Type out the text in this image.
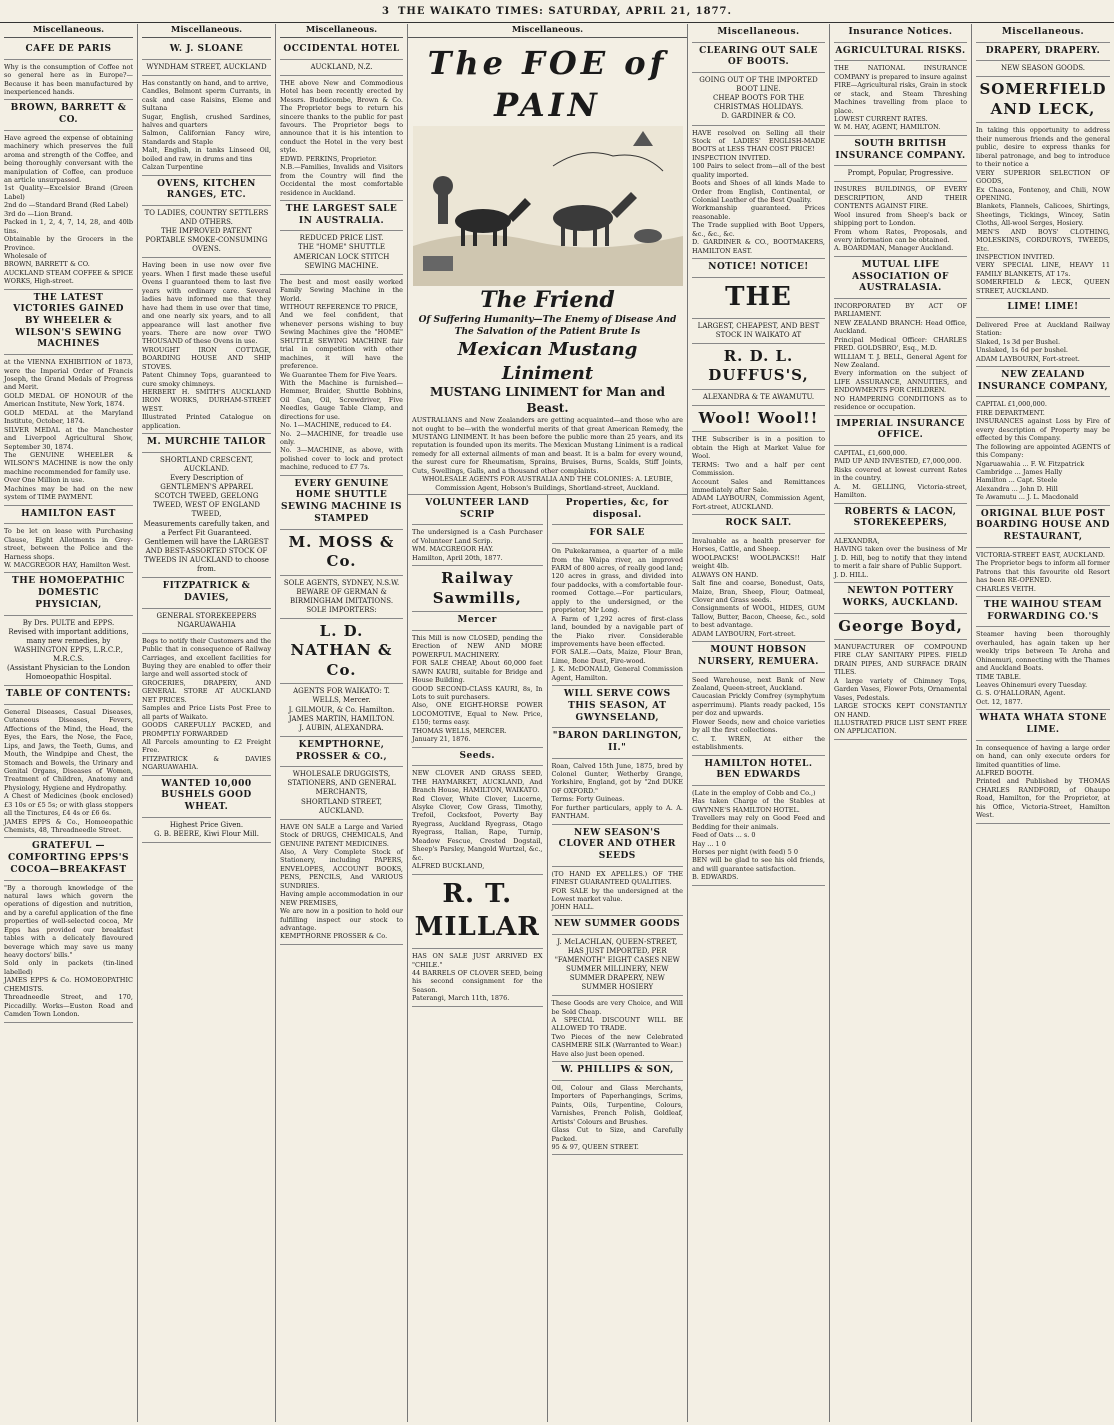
3 THE WAIKATO TIMES: SATURDAY, APRIL 21, 1877.
Miscellaneous.
CAFE DE PARIS
Why is the consumption of Coffee not so general here as in Europe?—Because it has been manufactured by inexperienced hands.
BROWN, BARRETT & CO.
Have agreed the expense of obtaining machinery which preserves the full aroma and strength of the Coffee, and being thoroughly conversant with the manipulation of Coffee, can produce an article unsurpassed.
1st Quality—Excelsior Brand (Green Label)
2nd do —Standard Brand (Red Label)
3rd do —Lion Brand.
Packed in 1, 2, 4, 7, 14, 28, and 40lb tins.
Obtainable by the Grocers in the Province.
Wholesale of
BROWN, BARRETT & CO.
AUCKLAND STEAM COFFEE & SPICE WORKS, High-street.
THE LATEST VICTORIES GAINED BY WHEELER & WILSON'S SEWING MACHINES
at the VIENNA EXHIBITION of 1873, were the Imperial Order of Francis Joseph, the Grand Medals of Progress and Merit.
GOLD MEDAL OF HONOUR of the American Institute, New York, 1874.
GOLD MEDAL at the Maryland Institute, October, 1874.
SILVER MEDAL at the Manchester and Liverpool Agricultural Show, September 30, 1874.
The GENUINE WHEELER & WILSON'S MACHINE is now the only machine recommended for family use.
Over One Million in use.
Machines may be had on the new system of TIME PAYMENT.
HAMILTON EAST
To be let on lease with Purchasing Clause, Eight Allotments in Grey-street, between the Police and the Harness shops.
W. MACGREGOR HAY, Hamilton West.
THE HOMOEPATHIC DOMESTIC PHYSICIAN,
By Drs. PULTE and EPPS.
Revised with important additions, many new remedies, by WASHINGTON EPPS, L.R.C.P., M.R.C.S.
(Assistant Physician to the London Homoeopathic Hospital.
TABLE OF CONTENTS:
General Diseases, Casual Diseases, Cutaneous Diseases, Fevers, Affections of the Mind, the Head, the Eyes, the Ears, the Nose, the Face, Lips, and Jaws, the Teeth, Gums, and Mouth, the Windpipe and Chest, the Stomach and Bowels, the Urinary and Genital Organs, Diseases of Women, Treatment of Children, Anatomy and Physiology, Hygiene and Hydropathy.
A Chest of Medicines (book enclosed) £3 10s or £5 5s; or with glass stoppers all the Tinctures, £4 4s or £6 6s.
JAMES EPPS & Co., Homoeopathic Chemists, 48, Threadneedle Street.
GRATEFUL — COMFORTING EPPS'S COCOA—BREAKFAST
"By a thorough knowledge of the natural laws which govern the operations of digestion and nutrition, and by a careful application of the fine properties of well-selected cocoa, Mr Epps has provided our breakfast tables with a delicately flavoured beverage which may save us many heavy doctors' bills."
Sold only in packets (tin-lined labelled)
JAMES EPPS & Co. HOMOEOPATHIC CHEMISTS.
Threadneedle Street, and 170, Piccadilly. Works—Euston Road and Camden Town London.
Miscellaneous.
W. J. SLOANE
WYNDHAM STREET, AUCKLAND
Has constantly on hand, and to arrive,
Candles, Belmont sperm Currants, in cask and case Raisins, Eleme and Sultana
Sugar, English, crushed Sardines, halves and quarters
Salmon, Californian Fancy wire, Standards and Staple
Malt, English, in tanks Linseed Oil, boiled and raw, in drums and tins
Calzan Turpentine
OVENS, KITCHEN RANGES, ETC.
TO LADIES, COUNTRY SETTLERS AND OTHERS.
THE IMPROVED PATENT PORTABLE SMOKE-CONSUMING OVENS.
Having been in use now over five years. When I first made these useful Ovens I guaranteed them to last five years with ordinary care. Several ladies have informed me that they have had them in use over that time, and one nearly six years, and to all appearance will last another five years. There are now over TWO THOUSAND of these Ovens in use.
WROUGHT IRON COTTAGE, BOARDING HOUSE AND SHIP STOVES.
Patent Chimney Tops, guaranteed to cure smoky chimneys.
HERBERT H. SMITH'S AUCKLAND IRON WORKS, DURHAM-STREET WEST.
Illustrated Printed Catalogue on application.
M. MURCHIE TAILOR
SHORTLAND CRESCENT, AUCKLAND.
Every Description of GENTLEMEN'S APPAREL
SCOTCH TWEED, GEELONG TWEED, WEST OF ENGLAND TWEED,
Measurements carefully taken, and a Perfect Fit Guaranteed.
Gentlemen will have the LARGEST AND BEST-ASSORTED STOCK OF TWEEDS IN AUCKLAND to choose from.
FITZPATRICK & DAVIES,
GENERAL STOREKEEPERS NGARUAWAHIA
Begs to notify their Customers and the Public that in consequence of Railway Carriages, and excellent facilities for Buying they are enabled to offer their large and well assorted stock of
GROCERIES, DRAPERY, AND GENERAL STORE AT AUCKLAND NET PRICES.
Samples and Price Lists Post Free to all parts of Waikato.
GOODS CAREFULLY PACKED, and PROMPTLY FORWARDED
All Parcels amounting to £2 Freight Free.
FITZPATRICK & DAVIES NGARUAWAHIA.
WANTED 10,000 BUSHELS GOOD WHEAT.
Highest Price Given.
G. B. BEERE, Kiwi Flour Mill.
Miscellaneous.
OCCIDENTAL HOTEL
AUCKLAND, N.Z.
THE above New and Commodious Hotel has been recently erected by Messrs. Buddicombe, Brown & Co. The Proprietor begs to return his sincere thanks to the public for past favours. The Proprietor begs to announce that it is his intention to conduct the Hotel in the very best style.
EDWD. PERKINS, Proprietor.
N.B.—Families, Invalids and Visitors from the Country will find the Occidental the most comfortable residence in Auckland.
THE LARGEST SALE IN AUSTRALIA.
REDUCED PRICE LIST.
THE "HOME" SHUTTLE
AMERICAN LOCK STITCH
SEWING MACHINE.
The best and most easily worked Family Sewing Machine in the World.
WITHOUT REFERENCE TO PRICE,
And we feel confident, that whenever persons wishing to buy Sewing Machines give the "HOME" SHUTTLE SEWING MACHINE fair trial in competition with other machines, it will have the preference.
We Guarantee Them for Five Years.
With the Machine is furnished—Hemmer, Braider, Shuttle Bobbins, Oil Can, Oil, Screwdriver, Five Needles, Gauge Table Clamp, and directions for use.
No. 1—MACHINE, reduced to £4.
No. 2—MACHINE, for treadle use only.
No. 3—MACHINE, as above, with polished cover to lock and protect machine, reduced to £7 7s.
EVERY GENUINE HOME SHUTTLE SEWING MACHINE IS STAMPED
M. MOSS & Co.
SOLE AGENTS, SYDNEY, N.S.W.
BEWARE OF GERMAN & BIRMINGHAM IMITATIONS.
SOLE IMPORTERS:
L. D. NATHAN & Co.
AGENTS FOR WAIKATO: T. WELLS, Mercer.
J. GILMOUR, & Co. Hamilton.
JAMES MARTIN, HAMILTON.
J. AUBIN, ALEXANDRA.
KEMPTHORNE, PROSSER & CO.,
WHOLESALE DRUGGISTS, STATIONERS, AND GENERAL MERCHANTS,
SHORTLAND STREET, AUCKLAND.
HAVE ON SALE a Large and Varied Stock of DRUGS, CHEMICALS, And GENUINE PATENT MEDICINES.
Also, A Very Complete Stock of Stationery, including PAPERS, ENVELOPES, ACCOUNT BOOKS, PENS, PENCILS, And VARIOUS SUNDRIES.
Having ample accommodation in our NEW PREMISES,
We are now in a position to hold our fulfilling inspect our stock to advantage.
KEMPTHORNE PROSSER & Co.
Miscellaneous.
The FOE of PAIN
The Friend
Of Suffering Humanity—The Enemy of Disease And The Salvation of the Patient Brute Is
Mexican Mustang Liniment
MUSTANG LINIMENT for Man and Beast.
AUSTRALIANS and New Zealanders are getting acquainted—and those who are not ought to be—with the wonderful merits of that great American Remedy, the MUSTANG LINIMENT. It has been before the public more than 25 years, and its reputation is founded upon its merits. The Mexican Mustang Liniment is a radical remedy for all external ailments of man and beast. It is a balm for every wound, the surest cure for Rheumatism, Sprains, Bruises, Burns, Scalds, Stiff Joints, Cuts, Swellings, Galls, and a thousand other complaints.
WHOLESALE AGENTS FOR AUSTRALIA AND THE COLONIES: A. LEUBIE, Commission Agent, Hobson's Buildings, Shortland-street, Auckland.
VOLUNTEER LAND SCRIP
The undersigned is a Cash Purchaser of Volunteer Land Scrip.
WM. MACGREGOR HAY.
Hamilton, April 20th, 1877.
Railway Sawmills,
Mercer
This Mill is now CLOSED, pending the Erection of NEW AND MORE POWERFUL MACHINERY.
FOR SALE CHEAP, About 60,000 feet SAWN KAURI, suitable for Bridge and House Building.
GOOD SECOND-CLASS KAURI, 8s, In Lots to suit purchasers.
Also, ONE EIGHT-HORSE POWER LOCOMOTIVE, Equal to New. Price, £150; terms easy.
THOMAS WELLS, MERCER.
January 21, 1876.
Seeds.
NEW CLOVER AND GRASS SEED, THE HAYMARKET, AUCKLAND, And Branch House, HAMILTON, WAIKATO.
Red Clover, White Clover, Lucerne, Alsyke Clover, Cow Grass, Timothy, Trefoil, Cocksfoot, Poverty Bay Ryegrass, Auckland Ryegrass, Otago Ryegrass, Italian, Rape, Turnip, Meadow Fescue, Crested Dogstail, Sheep's Parsley, Mangold Wurtzel, &c., &c.
ALFRED BUCKLAND,
R. T. MILLAR
HAS ON SALE JUST ARRIVED EX "CHILE."
44 BARRELS OF CLOVER SEED, being his second consignment for the Season.
Paterangi, March 11th, 1876.
Properties, &c, for disposal.
FOR SALE
On Pukekaramea, a quarter of a mile from the Waipa river, an improved FARM of 800 acres, of really good land; 120 acres in grass, and divided into four paddocks, with a comfortable four-roomed Cottage.—For particulars, apply to the undersigned, or the proprietor, Mr Long.
A Farm of 1,292 acres of first-class land, bounded by a navigable part of the Piako river. Considerable improvements have been effected.
FOR SALE.—Oats, Maize, Flour Bran, Lime, Bone Dust, Fire-wood.
J. K. McDONALD, General Commission Agent, Hamilton.
WILL SERVE COWS THIS SEASON, AT GWYNSELAND,
"BARON DARLINGTON, II."
Roan, Calved 15th June, 1875, bred by Colonel Gunter, Wetherby Grange, Yorkshire, England, got by "2nd DUKE OF OXFORD."
Terms: Forty Guineas.
For further particulars, apply to A. A. FANTHAM.
NEW SEASON'S CLOVER AND OTHER SEEDS
(TO HAND EX APELLES.) OF THE FINEST GUARANTEED QUALITIES.
FOR SALE by the undersigned at the Lowest market value.
JOHN HALL.
NEW SUMMER GOODS
J. McLACHLAN, QUEEN-STREET, HAS JUST IMPORTED, PER "FAMENOTH" EIGHT CASES NEW SUMMER MILLINERY, NEW SUMMER DRAPERY, NEW SUMMER HOSIERY
These Goods are very Choice, and Will be Sold Cheap.
A SPECIAL DISCOUNT WILL BE ALLOWED TO TRADE.
Two Pieces of the new Celebrated CASHMERE SILK (Warranted to Wear.)
Have also just been opened.
W. PHILLIPS & SON,
Oil, Colour and Glass Merchants, Importers of Paperhangings, Scrims, Paints, Oils, Turpentine, Colours, Varnishes, French Polish, Goldleaf, Artists' Colours and Brushes.
Glass Cut to Size, and Carefully Packed.
95 & 97, QUEEN STREET.
Miscellaneous.
CLEARING OUT SALE OF BOOTS.
GOING OUT OF THE IMPORTED BOOT LINE.
CHEAP BOOTS FOR THE CHRISTMAS HOLIDAYS.
D. GARDINER & CO.
HAVE resolved on Selling all their Stock of LADIES' ENGLISH-MADE BOOTS at LESS THAN COST PRICE!
INSPECTION INVITED.
100 Pairs to select from—all of the best quality imported.
Boots and Shoes of all kinds Made to Order from English, Continental, or Colonial Leather of the Best Quality.
Workmanship guaranteed. Prices reasonable.
The Trade supplied with Boot Uppers, &c., &c., &c.
D. GARDINER & CO., BOOTMAKERS, HAMILTON EAST.
NOTICE! NOTICE!
THE
LARGEST, CHEAPEST, AND BEST STOCK IN WAIKATO AT
R. D. L. DUFFUS'S,
ALEXANDRA & TE AWAMUTU.
Wool! Wool!!
THE Subscriber is in a position to obtain the High at Market Value for Wool.
TERMS: Two and a half per cent Commission.
Account Sales and Remittances immediately after Sale.
ADAM LAYBOURN, Commission Agent, Fort-street, AUCKLAND.
ROCK SALT.
Invaluable as a health preserver for Horses, Cattle, and Sheep.
WOOLPACKS! WOOLPACKS!! Half weight 4lb.
ALWAYS ON HAND.
Salt fine and coarse, Bonedust, Oats, Maize, Bran, Sheep, Flour, Oatmeal, Clover and Grass seeds.
Consignments of WOOL, HIDES, GUM Tallow, Butter, Bacon, Cheese, &c., sold to best advantage.
ADAM LAYBOURN, Fort-street.
MOUNT HOBSON NURSERY, REMUERA.
Seed Warehouse, next Bank of New Zealand, Queen-street, Auckland.
Caucasian Prickly Comfrey (symphytum asperrimum). Plants ready packed, 15s per doz and upwards.
Flower Seeds, new and choice varieties by all the first collections.
C. T. WREN, At either the establishments.
HAMILTON HOTEL. BEN EDWARDS
(Late in the employ of Cobb and Co.,)
Has taken Charge of the Stables at GWYNNE'S HAMILTON HOTEL.
Travellers may rely on Good Feed and Bedding for their animals.
Feed of Oats ... s. 0
Hay ... 1 0
Horses per night (with feed) 5 0
BEN will be glad to see his old friends, and will guarantee satisfaction.
B. EDWARDS.
Insurance Notices.
AGRICULTURAL RISKS.
THE NATIONAL INSURANCE COMPANY is prepared to insure against FIRE—Agricultural risks, Grain in stock or stack, and Steam Threshing Machines travelling from place to place.
LOWEST CURRENT RATES.
W. M. HAY, AGENT, HAMILTON.
SOUTH BRITISH INSURANCE COMPANY.
Prompt, Popular, Progressive.
INSURES BUILDINGS, OF EVERY DESCRIPTION, AND THEIR CONTENTS AGAINST FIRE.
Wool insured from Sheep's back or shipping port to London.
From whom Rates, Proposals, and every information can be obtained.
A. BOARDMAN, Manager Auckland.
MUTUAL LIFE ASSOCIATION OF AUSTRALASIA.
INCORPORATED BY ACT OF PARLIAMENT.
NEW ZEALAND BRANCH: Head Office, Auckland.
Principal Medical Officer: CHARLES FRED. GOLDSBRO', Esq., M.D.
WILLIAM T. J. BELL, General Agent for New Zealand.
Every information on the subject of LIFE ASSURANCE, ANNUITIES, and ENDOWMENTS FOR CHILDREN.
NO HAMPERING CONDITIONS as to residence or occupation.
IMPERIAL INSURANCE OFFICE.
CAPITAL, £1,600,000.
PAID UP AND INVESTED, £7,000,000.
Risks covered at lowest current Rates in the country.
A. M. GELLING, Victoria-street, Hamilton.
ROBERTS & LACON, STOREKEEPERS,
ALEXANDRA,
HAVING taken over the business of Mr J. D. Hill, beg to notify that they intend to merit a fair share of Public Support.
J. D. HILL.
NEWTON POTTERY WORKS, AUCKLAND.
George Boyd,
MANUFACTURER OF COMPOUND FIRE CLAY SANITARY PIPES. FIELD DRAIN PIPES, AND SURFACE DRAIN TILES.
A large variety of Chimney Tops, Garden Vases, Flower Pots, Ornamental Vases, Pedestals.
LARGE STOCKS KEPT CONSTANTLY ON HAND.
ILLUSTRATED PRICE LIST SENT FREE ON APPLICATION.
Miscellaneous.
DRAPERY, DRAPERY.
NEW SEASON GOODS.
SOMERFIELD AND LECK,
In taking this opportunity to address their numerous friends and the general public, desire to express thanks for liberal patronage, and beg to introduce to their notice a
VERY SUPERIOR SELECTION OF GOODS,
Ex Chasca, Fontenoy, and Chili, NOW OPENING.
Blankets, Flannels, Calicoes, Shirtings, Sheetings, Tickings, Wincey, Satin Cloths, All-wool Serges, Hosiery.
MEN'S AND BOYS' CLOTHING, MOLESKINS, CORDUROYS, TWEEDS, Etc.
INSPECTION INVITED.
VERY SPECIAL LINE, HEAVY 11 FAMILY BLANKETS, AT 17s.
SOMERFIELD & LECK, QUEEN STREET, AUCKLAND.
LIME! LIME!
Delivered Free at Auckland Railway Station:
Slaked, 1s 3d per Bushel.
Unslaked, 1s 6d per bushel.
ADAM LAYBOURN, Fort-street.
NEW ZEALAND INSURANCE COMPANY,
CAPITAL £1,000,000.
FIRE DEPARTMENT.
INSURANCES against Loss by Fire of every description of Property may be effected by this Company.
The following are appointed AGENTS of this Company:
Ngaruawahia ... F. W. Fitzpatrick
Cambridge ... James Hally
Hamilton ... Capt. Steele
Alexandra ... John D. Hill
Te Awamutu ... J. L. Macdonald
ORIGINAL BLUE POST BOARDING HOUSE AND RESTAURANT,
VICTORIA-STREET EAST, AUCKLAND.
The Proprietor begs to inform all former Patrons that this favourite old Resort has been RE-OPENED.
CHARLES VEITH.
THE WAIHOU STEAM FORWARDING CO.'S
Steamer having been thoroughly overhauled, has again taken up her weekly trips between Te Aroha and Ohinemuri, connecting with the Thames and Auckland Boats.
TIME TABLE.
Leaves Ohinemuri every Tuesday.
G. S. O'HALLORAN, Agent.
Oct. 12, 1877.
WHATA WHATA STONE LIME.
In consequence of having a large order on hand, can only execute orders for limited quantities of lime.
ALFRED BOOTH.
Printed and Published by THOMAS CHARLES RANDFORD, of Ohaupo Road, Hamilton, for the Proprietor, at his Office, Victoria-Street, Hamilton West.
